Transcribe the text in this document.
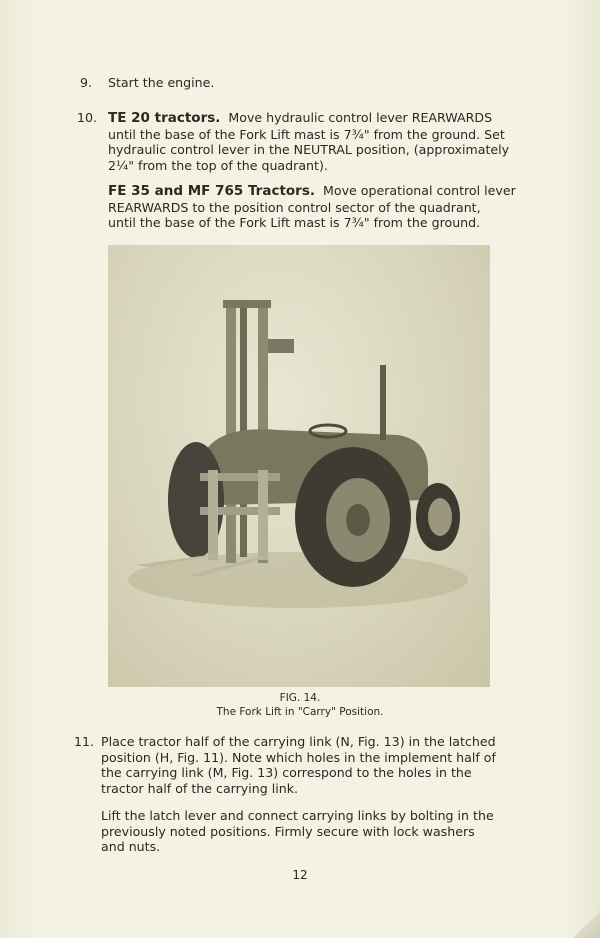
9. Start the engine.
10. TE 20 tractors. Move hydraulic control lever REARWARDS
until the base of the Fork Lift mast is 7¾" from the ground. Set
hydraulic control lever in the NEUTRAL position, (approximately
2¼" from the top of the quadrant).
FE 35 and MF 765 Tractors. Move operational control lever
REARWARDS to the position control sector of the quadrant,
until the base of the Fork Lift mast is 7¾" from the ground.
FIG. 14.
The Fork Lift in "Carry" Position.
11. Place tractor half of the carrying link (N, Fig. 13) in the latched
position (H, Fig. 11). Note which holes in the implement half of
the carrying link (M, Fig. 13) correspond to the holes in the
tractor half of the carrying link.
Lift the latch lever and connect carrying links by bolting in the
previously noted positions. Firmly secure with lock washers
and nuts.
12
